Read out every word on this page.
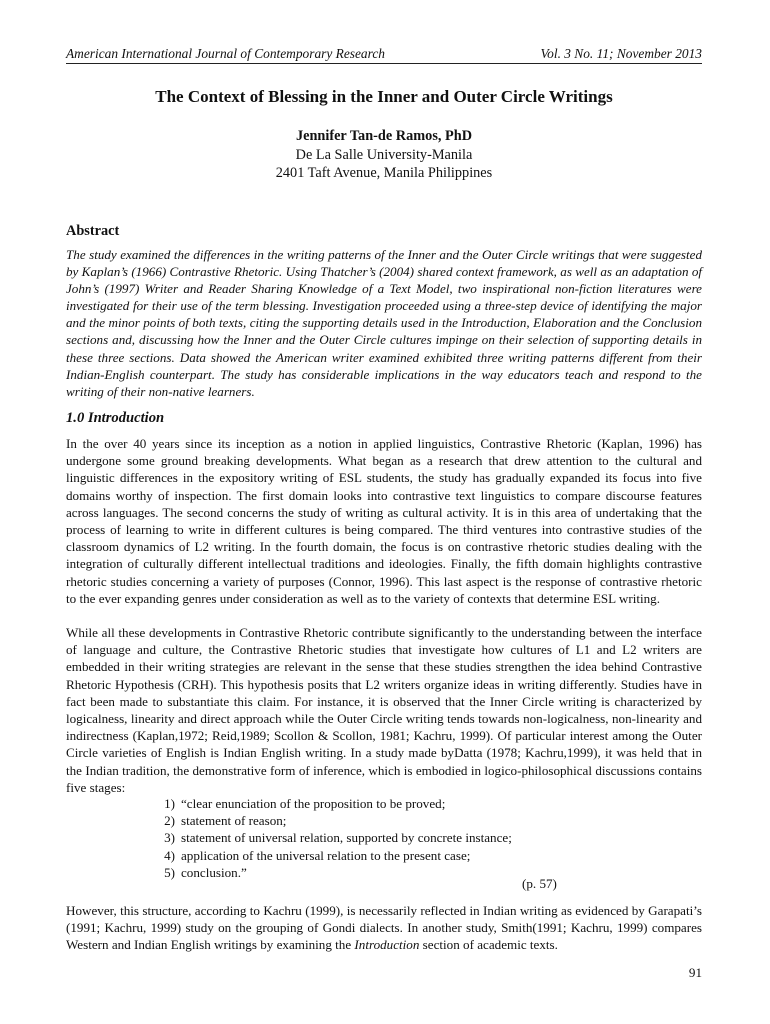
American International Journal of Contemporary Research	Vol. 3 No. 11; November 2013
The Context of Blessing in the Inner and Outer Circle Writings
Jennifer Tan-de Ramos, PhD
De La Salle University-Manila
2401 Taft Avenue, Manila Philippines
Abstract
The study examined the differences in the writing patterns of the Inner and the Outer Circle writings that were suggested by Kaplan’s (1966) Contrastive Rhetoric. Using Thatcher’s (2004) shared context framework, as well as an adaptation of John’s (1997) Writer and Reader Sharing Knowledge of a Text Model, two inspirational non-fiction literatures were investigated for their use of the term blessing. Investigation proceeded using a three-step device of identifying the major and the minor points of both texts, citing the supporting details used in the Introduction, Elaboration and the Conclusion sections and, discussing how the Inner and the Outer Circle cultures impinge on their selection of supporting details in these three sections. Data showed the American writer examined exhibited three writing patterns different from their Indian-English counterpart. The study has considerable implications in the way educators teach and respond to the writing of their non-native learners.
1.0 Introduction
In the over 40 years since its inception as a notion in applied linguistics, Contrastive Rhetoric (Kaplan, 1996) has undergone some ground breaking developments. What began as a research that drew attention to the cultural and linguistic differences in the expository writing of ESL students, the study has gradually expanded its focus into five domains worthy of inspection. The first domain looks into contrastive text linguistics to compare discourse features across languages. The second concerns the study of writing as cultural activity. It is in this area of undertaking that the process of learning to write in different cultures is being compared. The third ventures into contrastive studies of the classroom dynamics of L2 writing. In the fourth domain, the focus is on contrastive rhetoric studies dealing with the integration of culturally different intellectual traditions and ideologies. Finally, the fifth domain highlights contrastive rhetoric studies concerning a variety of purposes (Connor, 1996). This last aspect is the response of contrastive rhetoric to the ever expanding genres under consideration as well as to the variety of contexts that determine ESL writing.
While all these developments in Contrastive Rhetoric contribute significantly to the understanding between the interface of language and culture, the Contrastive Rhetoric studies that investigate how cultures of L1 and L2 writers are embedded in their writing strategies are relevant in the sense that these studies strengthen the idea behind Contrastive Rhetoric Hypothesis (CRH). This hypothesis posits that L2 writers organize ideas in writing differently. Studies have in fact been made to substantiate this claim. For instance, it is observed that the Inner Circle writing is characterized by logicalness, linearity and direct approach while the Outer Circle writing tends towards non-logicalness, non-linearity and indirectness (Kaplan,1972; Reid,1989; Scollon & Scollon, 1981; Kachru, 1999). Of particular interest among the Outer Circle varieties of English is Indian English writing. In a study made byDatta (1978; Kachru,1999), it was held that in the Indian tradition, the demonstrative form of inference, which is embodied in logico-philosophical discussions contains five stages:
1) “clear enunciation of the proposition to be proved;
2) statement of reason;
3) statement of universal relation, supported by concrete instance;
4) application of the universal relation to the present case;
5) conclusion.”
(p. 57)
However, this structure, according to Kachru (1999), is necessarily reflected in Indian writing as evidenced by Garapati’s (1991; Kachru, 1999) study on the grouping of Gondi dialects. In another study, Smith(1991; Kachru, 1999) compares Western and Indian English writings by examining the Introduction section of academic texts.
91
